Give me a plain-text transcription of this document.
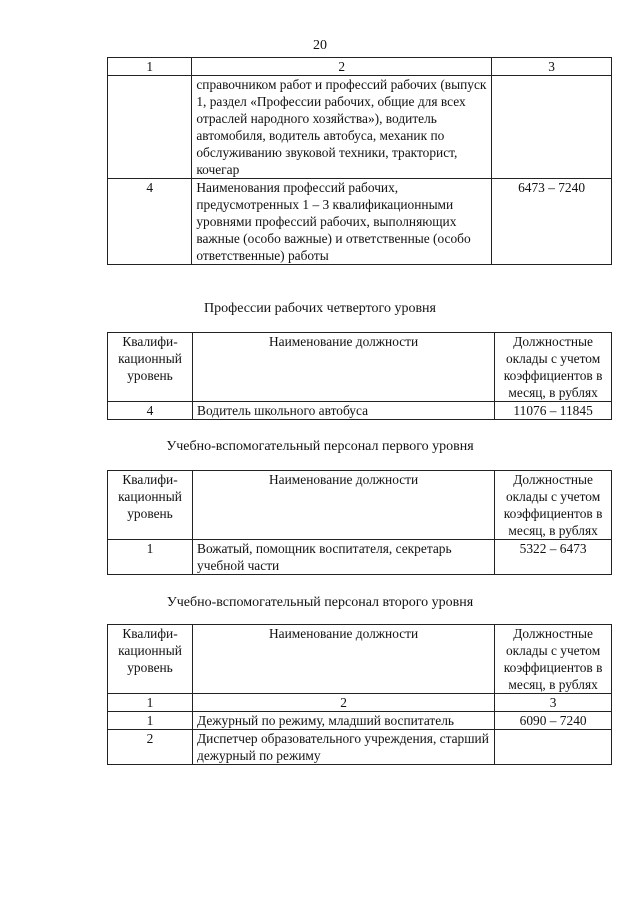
20
1	2	3
	справочником работ и профессий рабочих (выпуск 1, раздел «Профессии рабочих, общие для всех отраслей народного хозяйства»), водитель автомобиля, водитель автобуса, механик по обслуживанию звуковой техники, тракторист, кочегар	
4	Наименования профессий рабочих, предусмотренных 1 – 3 квалификационными уровнями профессий рабочих, выполняющих важные (особо важные) и ответственные (особо ответственные) работы	6473 – 7240
Профессии рабочих четвертого уровня
Квалифи-кационный уровень	Наименование должности	Должностные оклады с учетом коэффициентов в месяц, в рублях
4	Водитель школьного автобуса	11076 – 11845
Учебно-вспомогательный персонал первого уровня
Квалифи-кационный уровень	Наименование должности	Должностные оклады с учетом коэффициентов в месяц, в рублях
1	Вожатый, помощник воспитателя, секретарь учебной части	5322 – 6473
Учебно-вспомогательный персонал второго уровня
Квалифи-кационный уровень	Наименование должности	Должностные оклады с учетом коэффициентов в месяц, в рублях
1	2	3
1	Дежурный по режиму, младший воспитатель	6090 – 7240
2	Диспетчер образовательного учреждения, старший дежурный по режиму	
